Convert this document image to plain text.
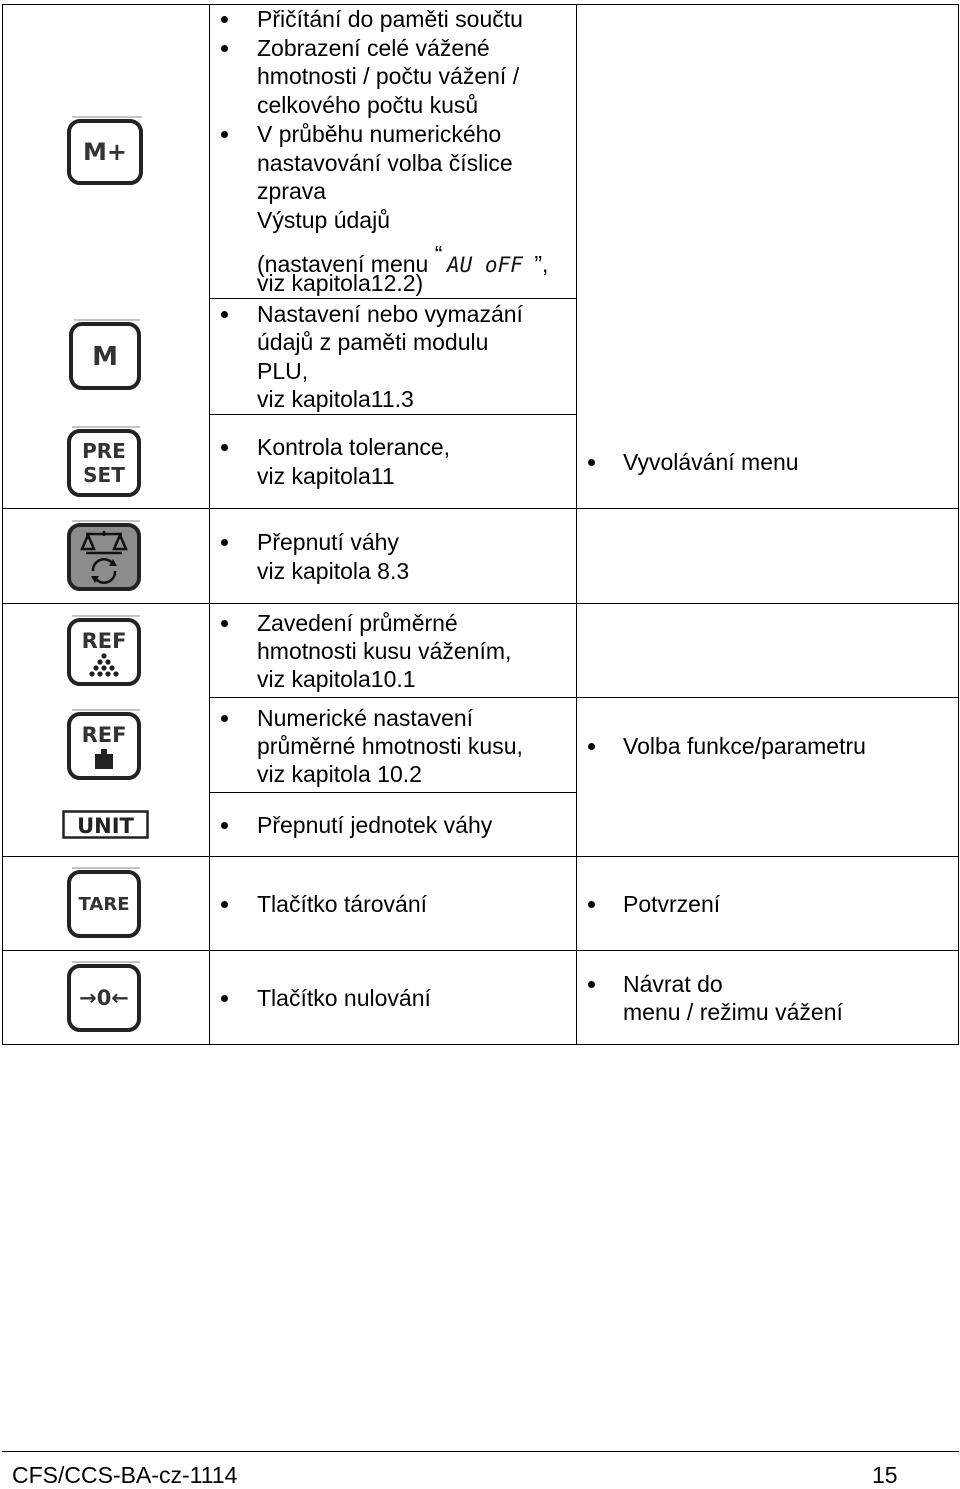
M+
M
PRE
SET
REF
REF
UNIT
TARE
→0←
Přičítání do paměti součtu
Zobrazení celé vážené
hmotnosti / počtu vážení /
celkového počtu kusů
V průběhu numerického
nastavování volba číslice
zprava
Výstup údajů
(nastavení menu “ AU oFF ”,
viz kapitola12.2)
Nastavení nebo vymazání
údajů z paměti modulu
PLU,
viz kapitola11.3
Kontrola tolerance,
viz kapitola11
Vyvolávání menu
Přepnutí váhy
viz kapitola 8.3
Zavedení průměrné
hmotnosti kusu vážením,
viz kapitola10.1
Numerické nastavení
průměrné hmotnosti kusu,
viz kapitola 10.2
Volba funkce/parametru
Přepnutí jednotek váhy
Tlačítko tárování	Potvrzení
Tlačítko nulování
Návrat do
menu / režimu vážení
CFS/CCS-BA-cz-1114	15
